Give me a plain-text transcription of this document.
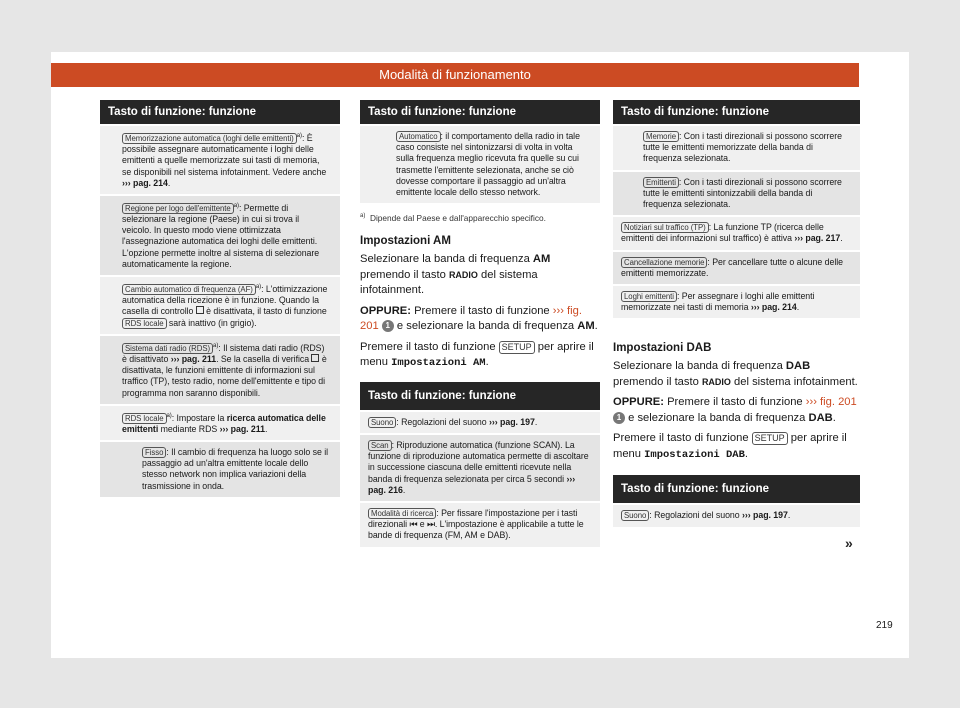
Modalità di funzionamento
Tasto di funzione: funzione
Memorizzazione automatica (loghi delle emittenti) $^{a)}$: È possibile assegnare automaticamente i loghi delle emittenti a quelle memorizzate sui tasti di memoria, se disponibili nel sistema infotainment. Vedere anche ››› pag. 214.
Regione per logo dell'emittente $^{a)}$: Permette di selezionare la regione (Paese) in cui si trova il veicolo. In questo modo viene ottimizzata l'assegnazione automatica dei loghi delle emittenti. L'opzione permette inoltre al sistema di selezionare automaticamente la regione.
Cambio automatico di frequenza (AF) $^{a)}$: L'ottimizzazione automatica della ricezione è in funzione. Quando la casella di controllo  è disattivata, il tasto di funzione RDS locale sarà inattivo (in grigio).
Sistema dati radio (RDS) $^{a)}$: Il sistema dati radio (RDS) è disattivato ››› pag. 211. Se la casella di verifica  è disattivata, le funzioni emittente di informazioni sul traffico (TP), testo radio, nome dell'emittente e tipo di programma non saranno disponibili.
RDS locale $^{a)}$: Impostare la ricerca automatica delle emittenti mediante RDS ››› pag. 211.
Fisso : Il cambio di frequenza ha luogo solo se il passaggio ad un'altra emittente locale dello stesso network non implica variazioni della trasmissione in onda.
Tasto di funzione: funzione
Automatico : il comportamento della radio in tale caso consiste nel sintonizzarsi di volta in volta sulla frequenza meglio ricevuta fra quelle su cui trasmette l'emittente selezionata, anche se ciò dovesse comportare il passaggio ad un'altra emittente locale dello stesso network.
$^{a)}$ Dipende dal Paese e dall'apparecchio specifico.
Impostazioni AM
Selezionare la banda di frequenza AM premendo il tasto RADIO del sistema infotainment.
OPPURE: Premere il tasto di funzione ››› fig. 201 1 e selezionare la banda di frequenza AM.
Premere il tasto di funzione SETUP per aprire il menu Impostazioni AM.
Tasto di funzione: funzione
Suono : Regolazioni del suono ››› pag. 197.
Scan : Riproduzione automatica (funzione SCAN). La funzione di riproduzione automatica permette di ascoltare in successione ciascuna delle emittenti ricevute nella banda di frequenza selezionata per circa 5 secondi ››› pag. 216.
Modalità di ricerca : Per fissare l'impostazione per i tasti direzionali ⏮ e ⏭. L'impostazione è applicabile a tutte le bande di frequenza (FM, AM e DAB).
Tasto di funzione: funzione
Memorie : Con i tasti direzionali si possono scorrere tutte le emittenti memorizzate della banda di frequenza selezionata.
Emittenti : Con i tasti direzionali si possono scorrere tutte le emittenti sintonizzabili della banda di frequenza selezionata.
Notiziari sul traffico (TP) : La funzione TP (ricerca delle emittenti dei informazioni sul traffico) è attiva ››› pag. 217.
Cancellazione memorie : Per cancellare tutte o alcune delle emittenti memorizzate.
Loghi emittenti : Per assegnare i loghi alle emittenti memorizzate nei tasti di memoria ››› pag. 214.
Impostazioni DAB
Selezionare la banda di frequenza DAB premendo il tasto RADIO del sistema infotainment.
OPPURE: Premere il tasto di funzione ››› fig. 201 1 e selezionare la banda di frequenza DAB.
Premere il tasto di funzione SETUP per aprire il menu Impostazioni DAB.
Tasto di funzione: funzione
Suono : Regolazioni del suono ››› pag. 197.
»
219
